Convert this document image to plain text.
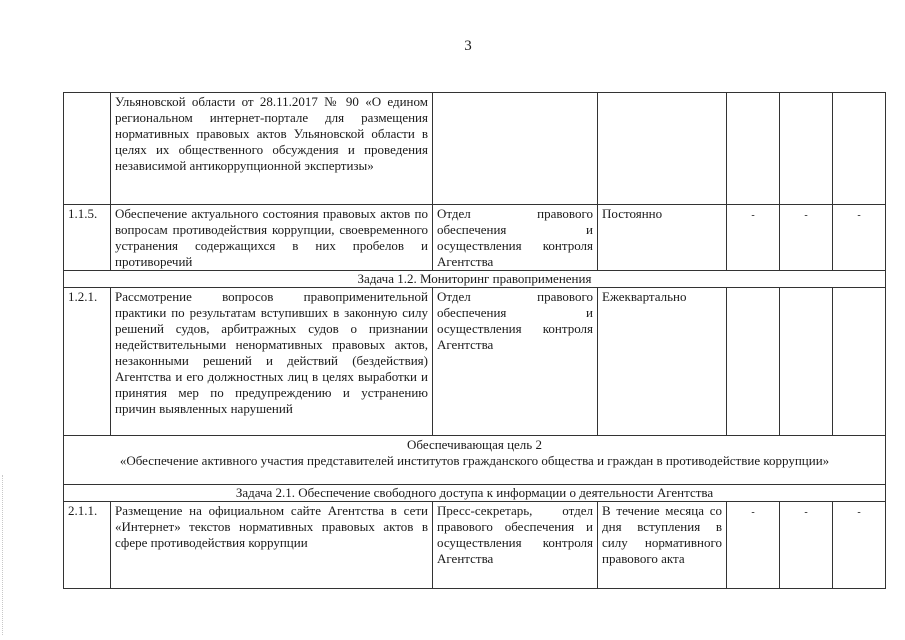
3
	Ульяновской области от 28.11.2017 № 90 «О едином региональном интернет-портале для размещения нормативных правовых актов Ульяновской области в целях их общественного обсуждения и проведения независимой антикоррупционной экспертизы»					
1.1.5.	Обеспечение актуального состояния правовых актов по вопросам противодействия коррупции, своевременного устранения содержащихся в них пробелов и противоречий	Отдел правового обеспечения и осуществления контроля Агентства	Постоянно	-	-	-
Задача 1.2. Мониторинг правоприменения						
1.2.1.	Рассмотрение вопросов правоприменительной практики по результатам вступивших в законную силу решений судов, арбитражных судов о признании недействительными ненормативных правовых актов, незаконными решений и действий (бездействия) Агентства и его должностных лиц в целях выработки и принятия мер по предупреждению и устранению причин выявленных нарушений	Отдел правового обеспечения и осуществления контроля Агентства	Ежеквартально			

Обеспечивающая цель 2
«Обеспечение активного участия представителей институтов гражданского общества и граждан в противодействие коррупции»						

Задача 2.1. Обеспечение свободного доступа к информации о деятельности Агентства						
2.1.1.	Размещение на официальном сайте Агентства в сети «Интернет» текстов нормативных правовых актов в сфере противодействия коррупции	Пресс-секретарь, отдел правового обеспечения и осуществления контроля Агентства	В течение месяца со дня вступления в силу нормативного правового акта	-	-	-
